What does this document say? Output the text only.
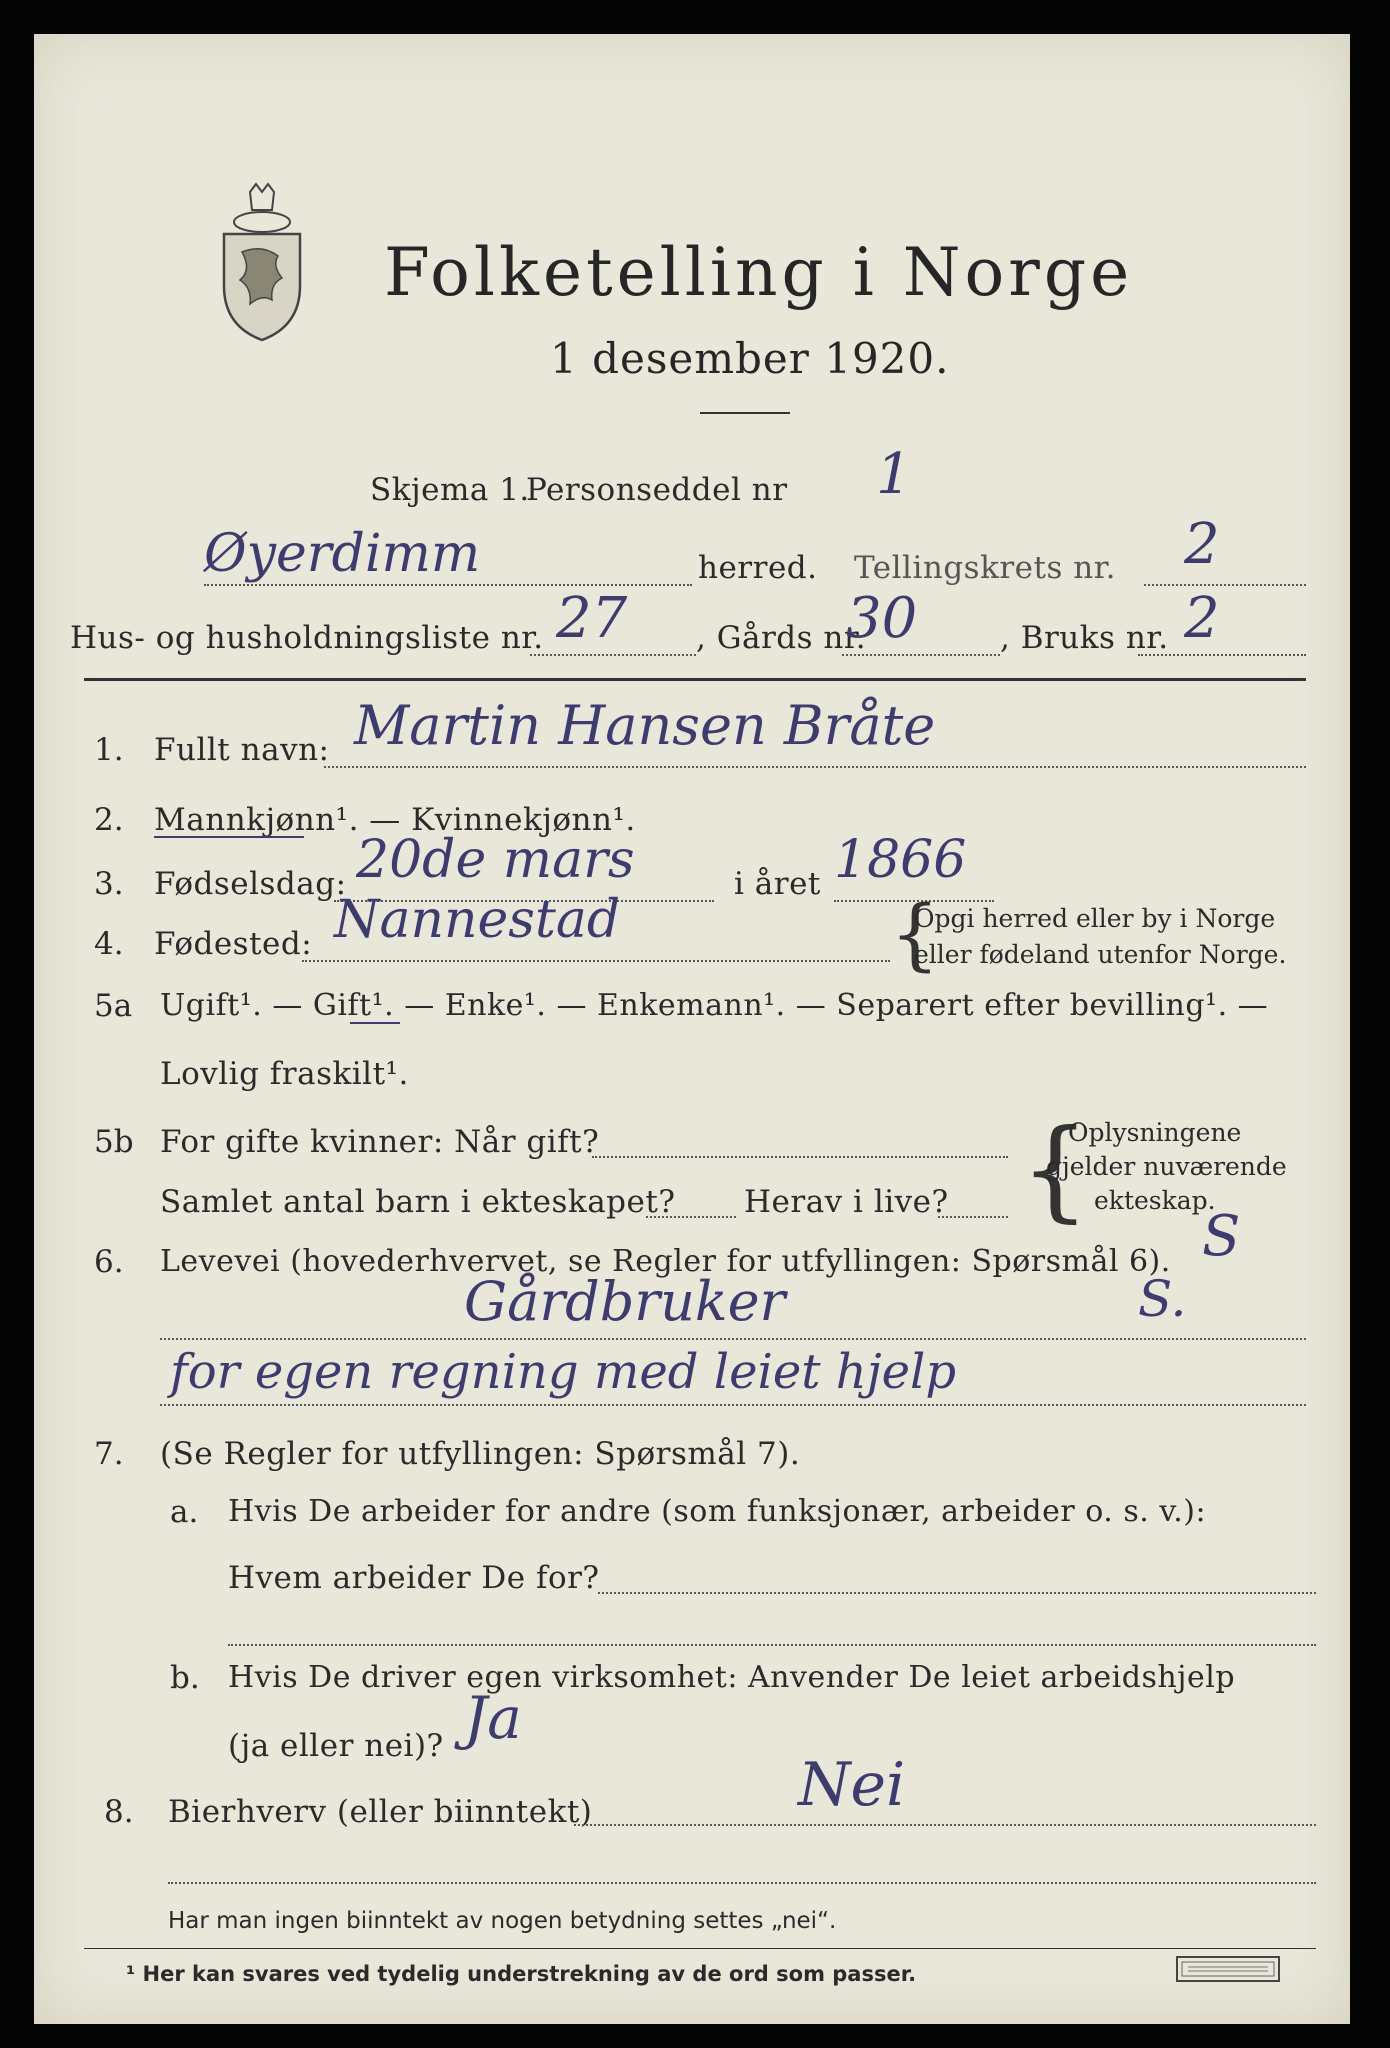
Folketelling i Norge
1 desember 1920.
Skjema 1.
Personseddel nr 1
Øyerdimm	herred. Tellingskrets nr. 2
Hus- og husholdningsliste nr. 27 , Gårds nr.
30	, Bruks nr. 2
1. Fullt navn: Martin Hansen Bråte
2. Mannkjønn¹. — Kvinnekjønn¹.
3. Fødselsdag: 20de mars	i året 1866
4. Fødested: Nannestad	{
Opgi herred eller by i Norge
eller fødeland utenfor Norge.
5a Ugift¹. — Gift¹. — Enke¹. — Enkemann¹. — Separert efter bevilling¹. —
Lovlig fraskilt¹.
5b For gifte kvinner: Når gift?
Samlet antal barn i ekteskapet? Herav i live? {
Oplysningene
gjelder nuværende
ekteskap.
6. Levevei (hovederhvervet, se Regler for utfyllingen: Spørsmål 6). S
Gårdbruker	S.
for egen regning med leiet hjelp
7. (Se Regler for utfyllingen: Spørsmål 7).
a. Hvis De arbeider for andre (som funksjonær, arbeider o. s. v.):
Hvem arbeider De for?
b. Hvis De driver egen virksomhet: Anvender De leiet arbeidshjelp
(ja eller nei)? Ja
8. Bierhverv (eller biinntekt)	Nei
Har man ingen biinntekt av nogen betydning settes „nei“.
¹ Her kan svares ved tydelig understrekning av de ord som passer.
